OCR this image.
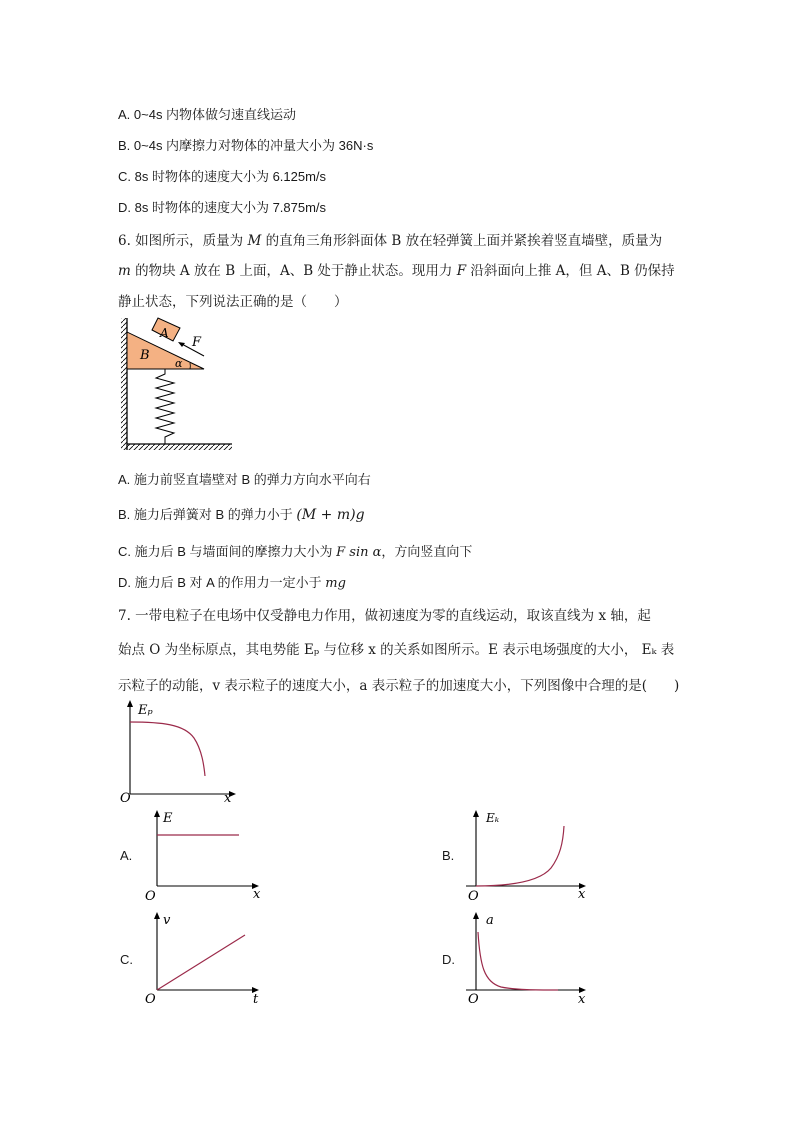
A. 0~4s 内物体做匀速直线运动
B. 0~4s 内摩擦力对物体的冲量大小为 36N·s
C. 8s 时物体的速度大小为 6.125m/s
D. 8s 时物体的速度大小为 7.875m/s
6. 如图所示，质量为 M 的直角三角形斜面体 B 放在轻弹簧上面并紧挨着竖直墙壁，质量为
m 的物块 A 放在 B 上面，A、B 处于静止状态。现用力 F 沿斜面向上推 A，但 A、B 仍保持
静止状态，下列说法正确的是（　　）
B
α
A
F
A. 施力前竖直墙壁对 B 的弹力方向水平向右
B. 施力后弹簧对 B 的弹力小于 (M + m)g
C. 施力后 B 与墙面间的摩擦力大小为 F sin α，方向竖直向下
D. 施力后 B 对 A 的作用力一定小于 mg
7. 一带电粒子在电场中仅受静电力作用，做初速度为零的直线运动，取该直线为 x 轴，起
始点 O 为坐标原点，其电势能 Eₚ 与位移 x 的关系如图所示。E 表示电场强度的大小， Eₖ 表
示粒子的动能，v 表示粒子的速度大小，a 表示粒子的加速度大小，下列图像中合理的是(　　)
Eₚ
x
O
A.
E
x
O
B.
Eₖ
x
O
C.
v
t
O
D.
a
x
O
